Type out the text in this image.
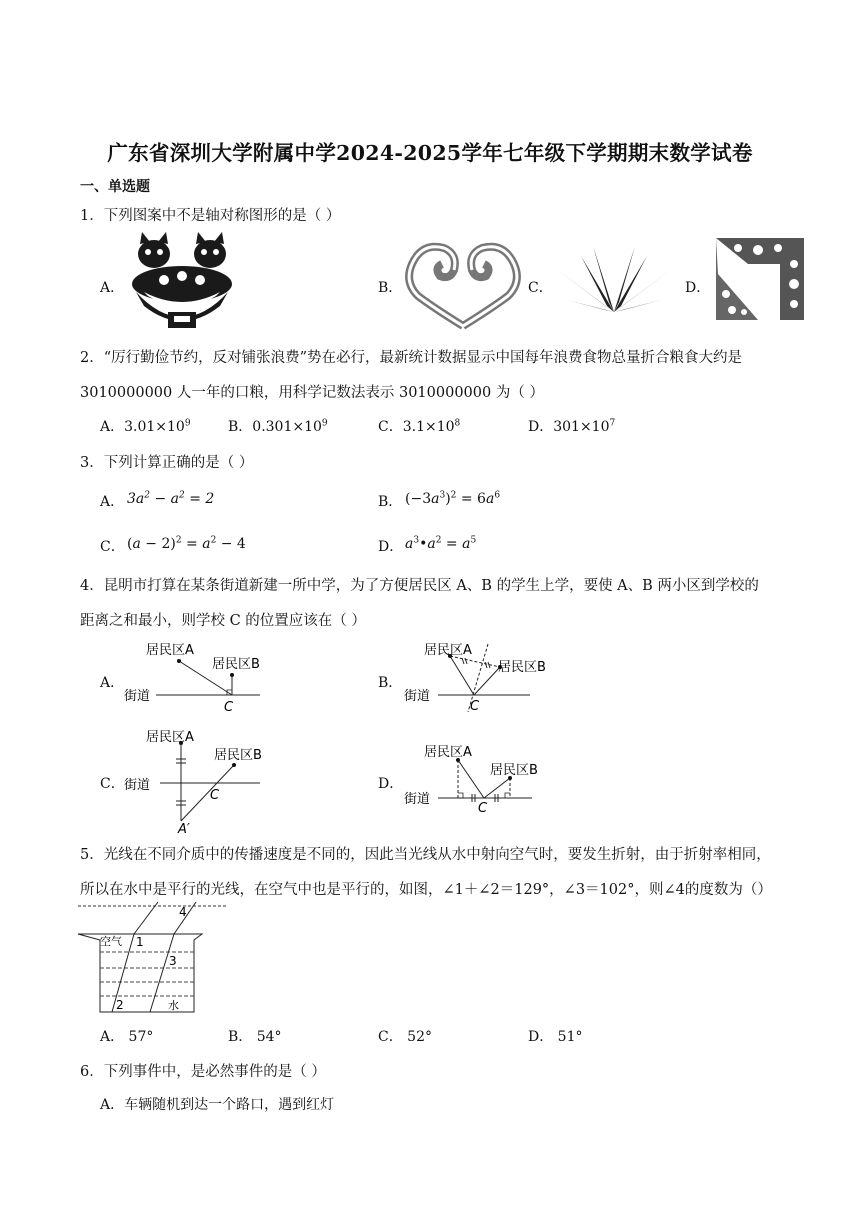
广东省深圳大学附属中学2024-2025学年七年级下学期期末数学试卷
一、单选题
1．下列图案中不是轴对称图形的是（ ）
A．	B．	C．	D．
2．“厉行勤俭节约，反对铺张浪费”势在必行，最新统计数据显示中国每年浪费食物总量折合粮食大约是
3010000000 人一年的口粮，用科学记数法表示 3010000000 为（ ）
A．$3.01\times 10^9$	B．$0.301\times 10^9$	C．$3.1\times 10^8$	D．$301\times 10^7$
3．下列计算正确的是（ ）
A． $3a^2 - a^2 = 2$	B． $(-3a^3)^2 = 6a^6$
C． $(a - 2)^2 = a^2 - 4$	D． $a^3•a^2 = a^5$
4．昆明市打算在某条街道新建一所中学，为了方便居民区 A、B 的学生上学，要使 A、B 两小区到学校的
距离之和最小，则学校 C 的位置应该在（ ）
A．
居民区A
居民区B
街道
C
B．
居民区A
居民区B
街道
C
C．
居民区A
居民区B
街道
C
A′
D．
居民区A
居民区B
街道
C
5．光线在不同介质中的传播速度是不同的，因此当光线从水中射向空气时，要发生折射，由于折射率相同，
所以在水中是平行的光线，在空气中也是平行的，如图，∠1＋∠2＝129°，∠3＝102°，则∠4的度数为（）
空气
水
1
2
3
4
A． 57°	B． 54°	C． 52°	D． 51°
6．下列事件中，是必然事件的是（ ）
A．车辆随机到达一个路口，遇到红灯
